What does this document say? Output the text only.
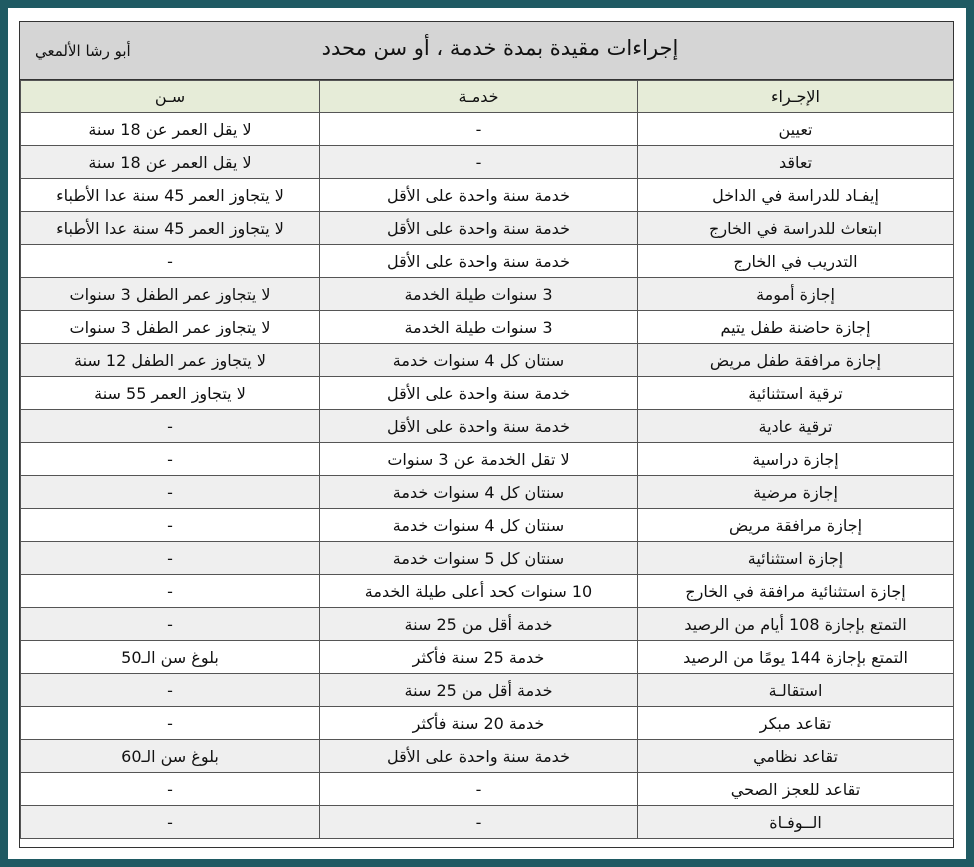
إجراءات مقيدة بمدة خدمة ، أو سن محدد
أبو رشا الألمعي
الإجـراء	خدمـة	سـن
تعيين	-	لا يقل العمر عن 18 سنة
تعاقد	-	لا يقل العمر عن 18 سنة
إيفـاد للدراسة في الداخل	خدمة سنة واحدة على الأقل	لا يتجاوز العمر 45 سنة عدا الأطباء
ابتعاث للدراسة في الخارج	خدمة سنة واحدة على الأقل	لا يتجاوز العمر 45 سنة عدا الأطباء
التدريب في الخارج	خدمة سنة واحدة على الأقل	-
إجازة أمومة	3 سنوات طيلة الخدمة	لا يتجاوز عمر الطفل 3 سنوات
إجازة حاضنة طفل يتيم	3 سنوات طيلة الخدمة	لا يتجاوز عمر الطفل 3 سنوات
إجازة مرافقة طفل مريض	سنتان كل 4 سنوات خدمة	لا يتجاوز عمر الطفل 12 سنة
ترقية استثنائية	خدمة سنة واحدة على الأقل	لا يتجاوز العمر 55 سنة
ترقية عادية	خدمة سنة واحدة على الأقل	-
إجازة دراسية	لا تقل الخدمة عن 3 سنوات	-
إجازة مرضية	سنتان كل 4 سنوات خدمة	-
إجازة مرافقة مريض	سنتان كل 4 سنوات خدمة	-
إجازة استثنائية	سنتان كل 5 سنوات خدمة	-
إجازة استثنائية مرافقة في الخارج	10 سنوات كحد أعلى طيلة الخدمة	-
التمتع بإجازة 108 أيام من الرصيد	خدمة أقل من 25 سنة	-
التمتع بإجازة 144 يومًا من الرصيد	خدمة 25 سنة فأكثر	بلوغ سن الـ50
استقالـة	خدمة أقل من 25 سنة	-
تقاعد مبكر	خدمة 20 سنة فأكثر	-
تقاعد نظامي	خدمة سنة واحدة على الأقل	بلوغ سن الـ60
تقاعد للعجز الصحي	-	-
الــوفـاة	-	-
